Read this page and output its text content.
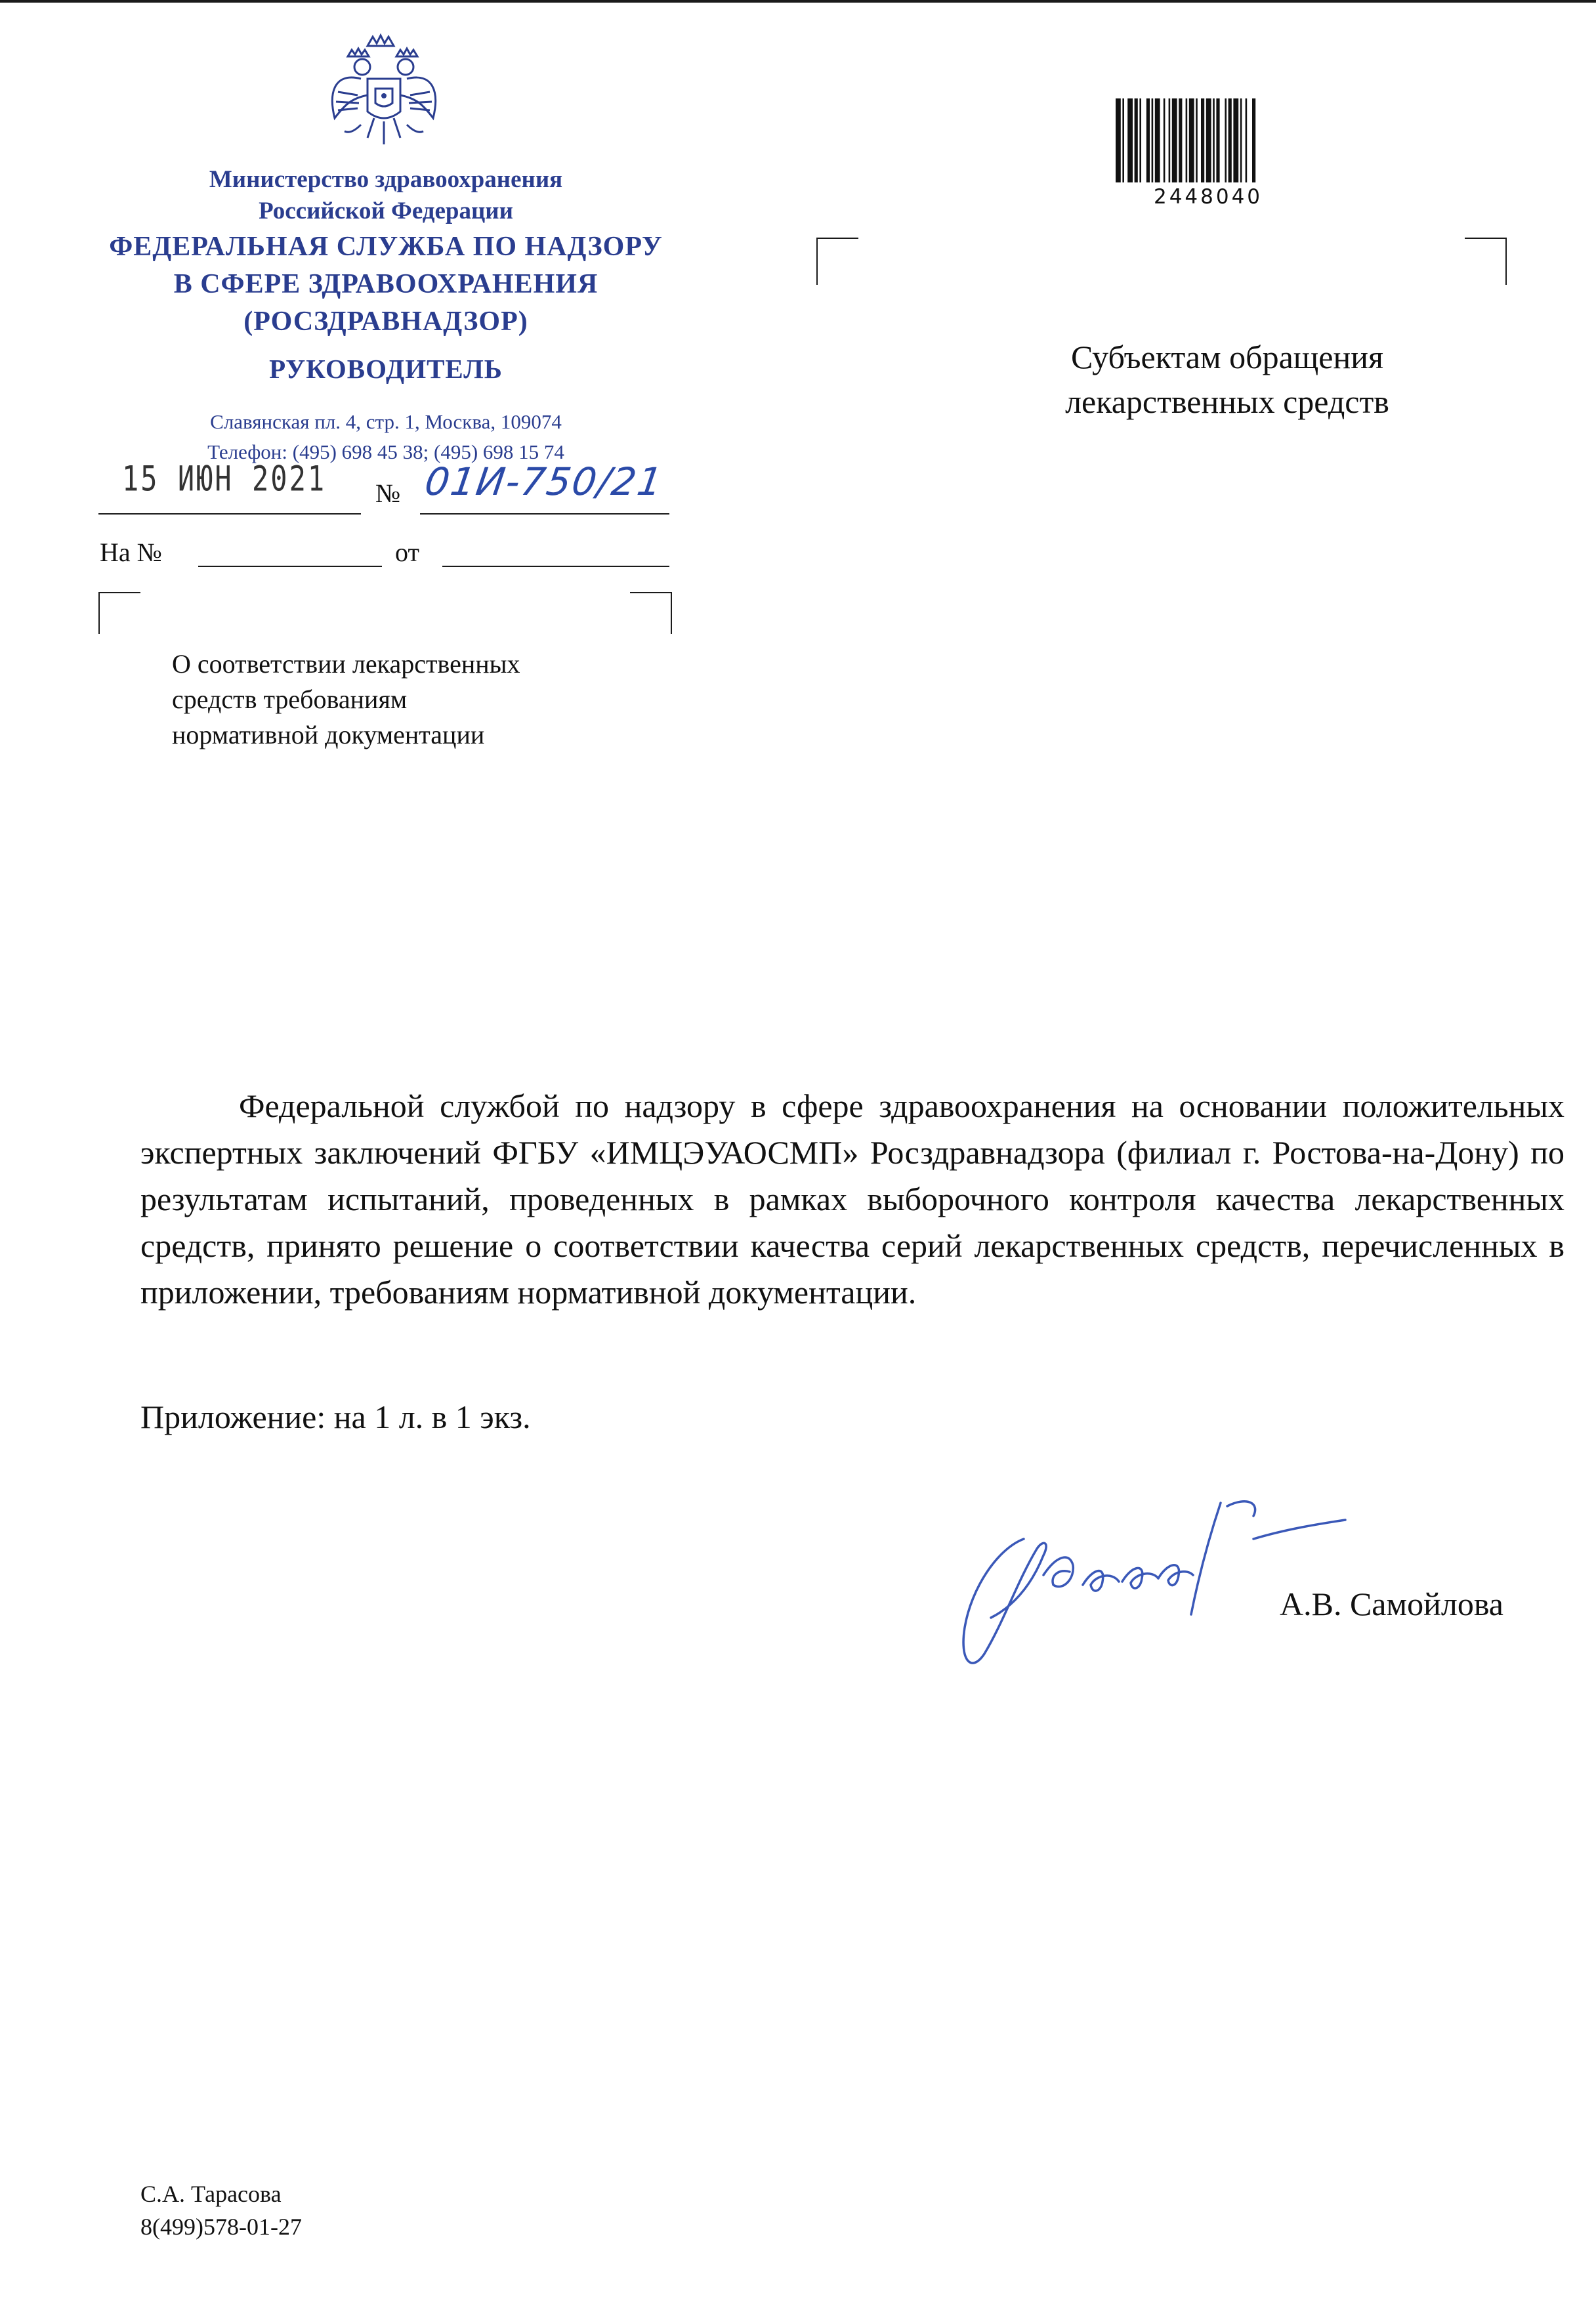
Министерство здравоохранения
Российской Федерации
ФЕДЕРАЛЬНАЯ СЛУЖБА ПО НАДЗОРУ
В СФЕРЕ ЗДРАВООХРАНЕНИЯ
(РОСЗДРАВНАДЗОР)
РУКОВОДИТЕЛЬ
Славянская пл. 4, стр. 1, Москва, 109074
Телефон: (495) 698 45 38; (495) 698 15 74
15 ИЮН 2021 № 01И-750/21
На №	от
О соответствии лекарственных
средств требованиям
нормативной документации
2448040
Субъектам обращения
лекарственных средств
Федеральной службой по надзору в сфере здравоохранения на основании положительных экспертных заключений ФГБУ «ИМЦЭУАОСМП» Росздравнадзора (филиал г. Ростова-на-Дону) по результатам испытаний, проведенных в рамках выборочного контроля качества лекарственных средств, принято решение о соответствии качества серий лекарственных средств, перечисленных в приложении, требованиям нормативной документации.
Приложение: на 1 л. в 1 экз.
А.В. Самойлова
С.А. Тарасова
8(499)578-01-27
